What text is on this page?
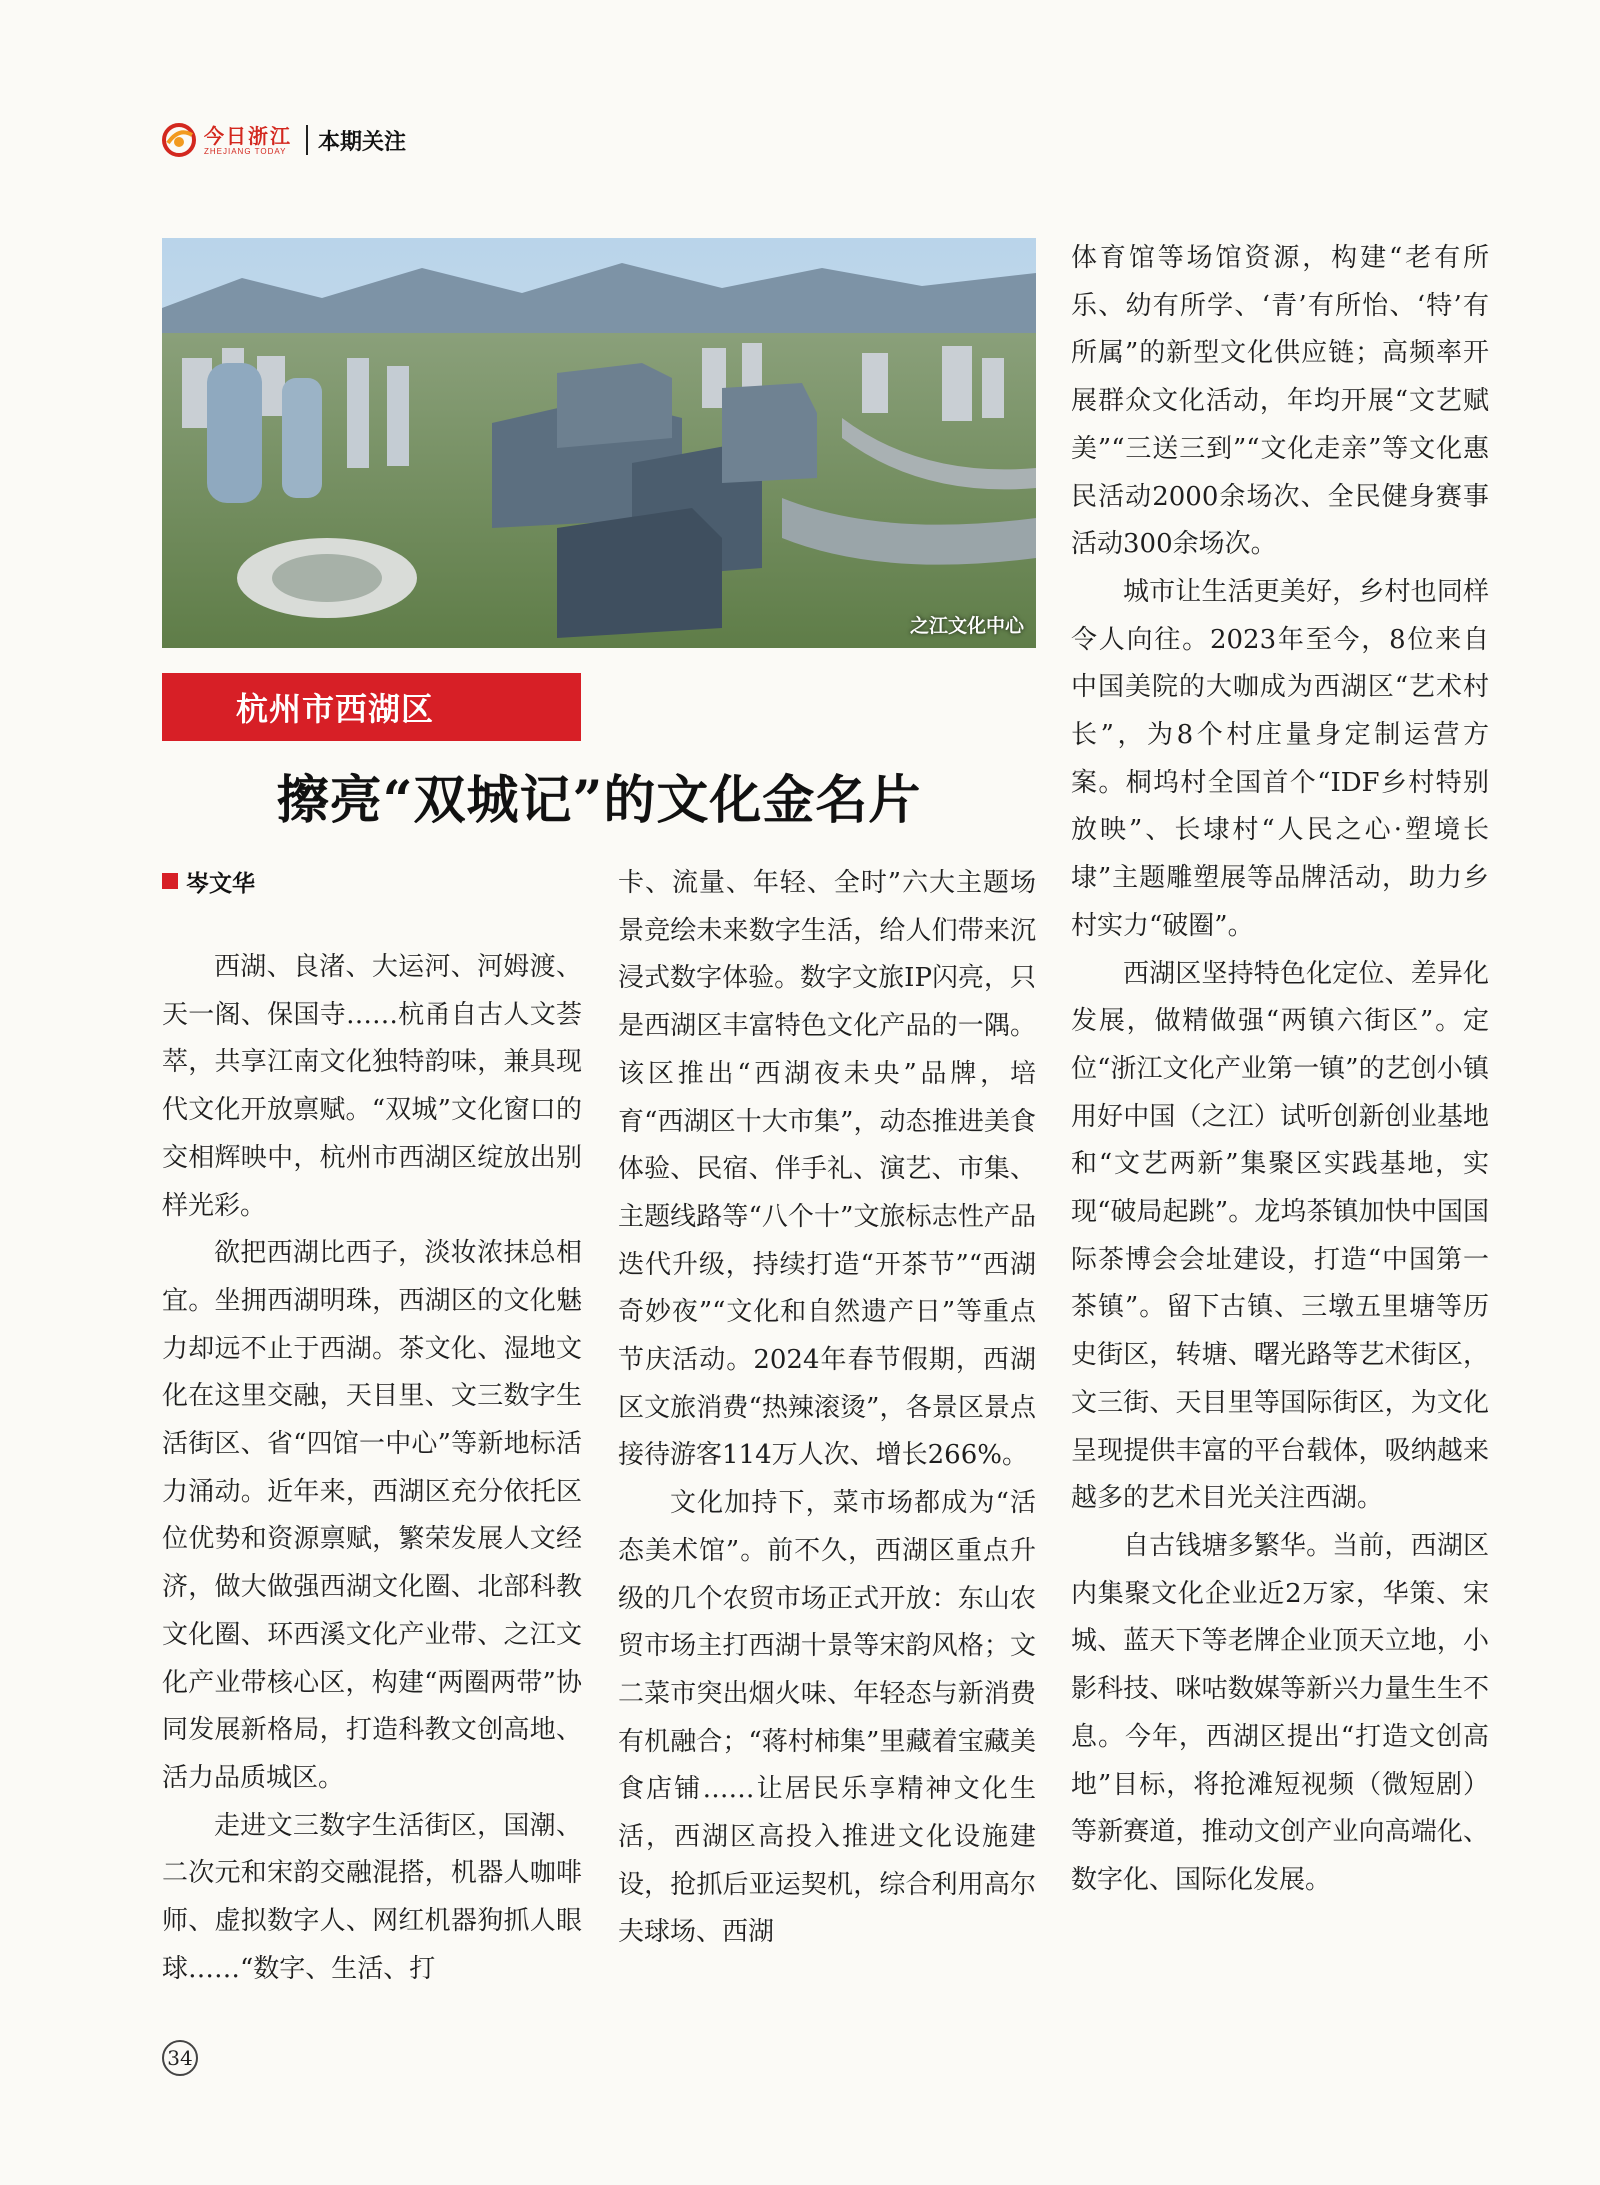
今日浙江
ZHEJIANG TODAY 本期关注
之江文化中心
杭州市西湖区
擦亮“双城记”的文化金名片
岑文华

西湖、良渚、大运河、河姆渡、天一阁、保国寺……杭甬自古人文荟萃，共享江南文化独特韵味，兼具现代文化开放禀赋。“双城”文化窗口的交相辉映中，杭州市西湖区绽放出别样光彩。

欲把西湖比西子，淡妆浓抹总相宜。坐拥西湖明珠，西湖区的文化魅力却远不止于西湖。茶文化、湿地文化在这里交融，天目里、文三数字生活街区、省“四馆一中心”等新地标活力涌动。近年来，西湖区充分依托区位优势和资源禀赋，繁荣发展人文经济，做大做强西湖文化圈、北部科教文化圈、环西溪文化产业带、之江文化产业带核心区，构建“两圈两带”协同发展新格局，打造科教文创高地、活力品质城区。

走进文三数字生活街区，国潮、二次元和宋韵交融混搭，机器人咖啡师、虚拟数字人、网红机器狗抓人眼球……“数字、生活、打

卡、流量、年轻、全时”六大主题场景竞绘未来数字生活，给人们带来沉浸式数字体验。数字文旅IP闪亮，只是西湖区丰富特色文化产品的一隅。该区推出“西湖夜未央”品牌，培育“西湖区十大市集”，动态推进美食体验、民宿、伴手礼、演艺、市集、主题线路等“八个十”文旅标志性产品迭代升级，持续打造“开茶节”“西湖奇妙夜”“文化和自然遗产日”等重点节庆活动。2024年春节假期，西湖区文旅消费“热辣滚烫”，各景区景点接待游客114万人次、增长266%。

文化加持下，菜市场都成为“活态美术馆”。前不久，西湖区重点升级的几个农贸市场正式开放：东山农贸市场主打西湖十景等宋韵风格；文二菜市突出烟火味、年轻态与新消费有机融合；“蒋村柿集”里藏着宝藏美食店铺……让居民乐享精神文化生活，西湖区高投入推进文化设施建设，抢抓后亚运契机，综合利用高尔夫球场、西湖

体育馆等场馆资源，构建“老有所乐、幼有所学、‘青’有所怡、‘特’有所属”的新型文化供应链；高频率开展群众文化活动，年均开展“文艺赋美”“三送三到”“文化走亲”等文化惠民活动2000余场次、全民健身赛事活动300余场次。

城市让生活更美好，乡村也同样令人向往。2023年至今，8位来自中国美院的大咖成为西湖区“艺术村长”，为8个村庄量身定制运营方案。桐坞村全国首个“IDF乡村特别放映”、长埭村“人民之心·塑境长埭”主题雕塑展等品牌活动，助力乡村实力“破圈”。

西湖区坚持特色化定位、差异化发展，做精做强“两镇六街区”。定位“浙江文化产业第一镇”的艺创小镇用好中国（之江）试听创新创业基地和“文艺两新”集聚区实践基地，实现“破局起跳”。龙坞茶镇加快中国国际茶博会会址建设，打造“中国第一茶镇”。留下古镇、三墩五里塘等历史街区，转塘、曙光路等艺术街区，文三街、天目里等国际街区，为文化呈现提供丰富的平台载体，吸纳越来越多的艺术目光关注西湖。

自古钱塘多繁华。当前，西湖区内集聚文化企业近2万家，华策、宋城、蓝天下等老牌企业顶天立地，小影科技、咪咕数媒等新兴力量生生不息。今年，西湖区提出“打造文创高地”目标，将抢滩短视频（微短剧）等新赛道，推动文创产业向高端化、数字化、国际化发展。

34
